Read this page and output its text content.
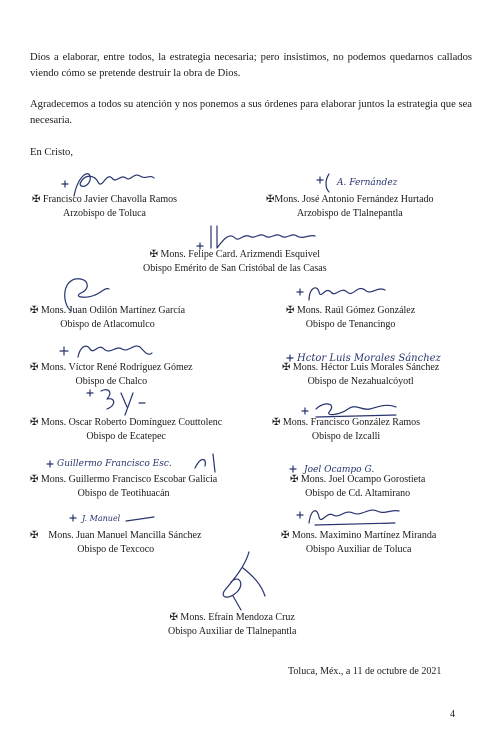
Dios a elaborar, entre todos, la estrategia necesaria; pero insistimos, no podemos quedarnos callados viendo cómo se pretende destruir la obra de Dios.

Agradecemos a todos su atención y nos ponemos a sus órdenes para elaborar juntos la estrategia que sea necesaria.

En Cristo,

A. Fernández
Hctor Luis Morales Sánchez
Guillermo Francisco Esc.
Joel Ocampo G.
J. Manuel
✠ Francisco Javier Chavolla Ramos
Arzobispo de Toluca
✠Mons. José Antonio Fernández Hurtado
Arzobispo de Tlalnepantla
✠ Mons. Felipe Card. Arizmendi Esquivel
Obispo Emérito de San Cristóbal de las Casas
✠ Mons. Juan Odilón Martínez García
Obispo de Atlacomulco
✠ Mons. Raúl Gómez González
Obispo de Tenancingo
✠ Mons. Víctor René Rodríguez Gómez
Obispo de Chalco
✠ Mons. Héctor Luis Morales Sánchez
Obispo de Nezahualcóyotl
✠ Mons. Oscar Roberto Domínguez Couttolenc
Obispo de Ecatepec
✠ Mons. Francisco González Ramos
Obispo de Izcalli
✠ Mons. Guillermo Francisco Escobar Galicia
Obispo de Teotihuacán
✠ Mons. Joel Ocampo Gorostieta
Obispo de Cd. Altamirano
✠    Mons. Juan Manuel Mancilla Sánchez
Obispo de Texcoco
✠ Mons. Maximino Martínez Miranda
Obispo Auxiliar de Toluca
✠ Mons. Efraín Mendoza Cruz
Obispo Auxiliar de Tlalnepantla
Toluca, Méx., a 11 de octubre de 2021
4
